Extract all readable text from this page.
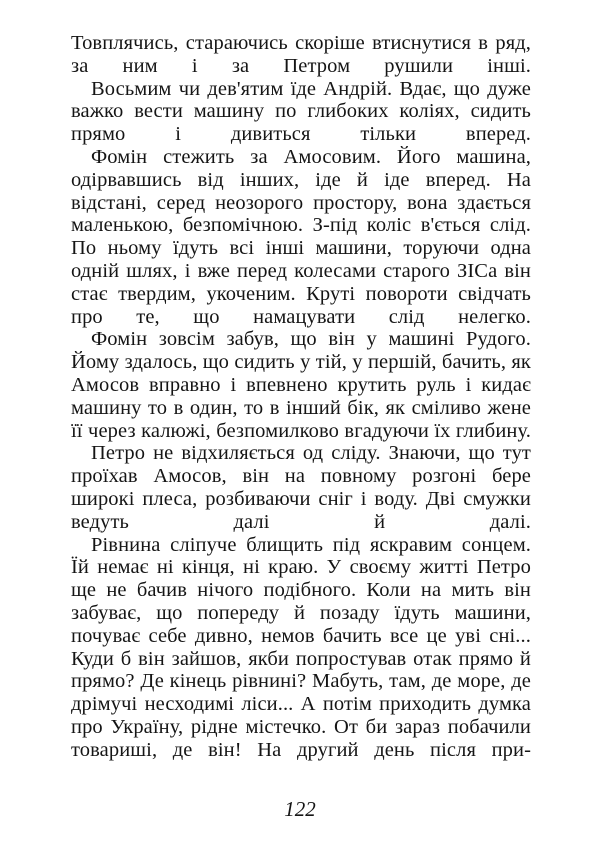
Товплячись, стараючись скоріше втиснутися в ряд, за ним і за Петром рушили інші.

Восьмим чи дев'ятим їде Андрій. Вдає, що дуже важко вести машину по глибоких коліях, сидить прямо і дивиться тільки вперед.

Фомін стежить за Амосовим. Його машина, одірвавшись від інших, іде й іде вперед. На відстані, серед неозорого простору, вона здається маленькою, безпомічною. З-під коліс в'ється слід. По ньому їдуть всі інші машини, торуючи одна одній шлях, і вже перед колесами старого ЗІСа він стає твердим, укоченим. Круті повороти свідчать про те, що намацувати слід нелегко.

Фомін зовсім забув, що він у машині Рудого. Йому здалось, що сидить у тій, у першій, бачить, як Амосов вправно і впевнено крутить руль і кидає машину то в один, то в інший бік, як сміливо жене її через калюжі, безпомилково вгадуючи їх глибину.

Петро не відхиляється од сліду. Знаючи, що тут проїхав Амосов, він на повному розгоні бере широкі плеса, розбиваючи сніг і воду. Дві смужки ведуть далі й далі.

Рівнина сліпуче блищить під яскравим сонцем. Їй немає ні кінця, ні краю. У своєму житті Петро ще не бачив нічого подібного. Коли на мить він забуває, що попереду й позаду їдуть машини, почуває себе дивно, немов бачить все це уві сні... Куди б він зайшов, якби попростував отак прямо й прямо? Де кінець рівнині? Мабуть, там, де море, де дрімучі несходимі ліси... А потім приходить думка про Україну, рідне містечко. От би зараз побачили товариші, де він! На другий день після при-

122
